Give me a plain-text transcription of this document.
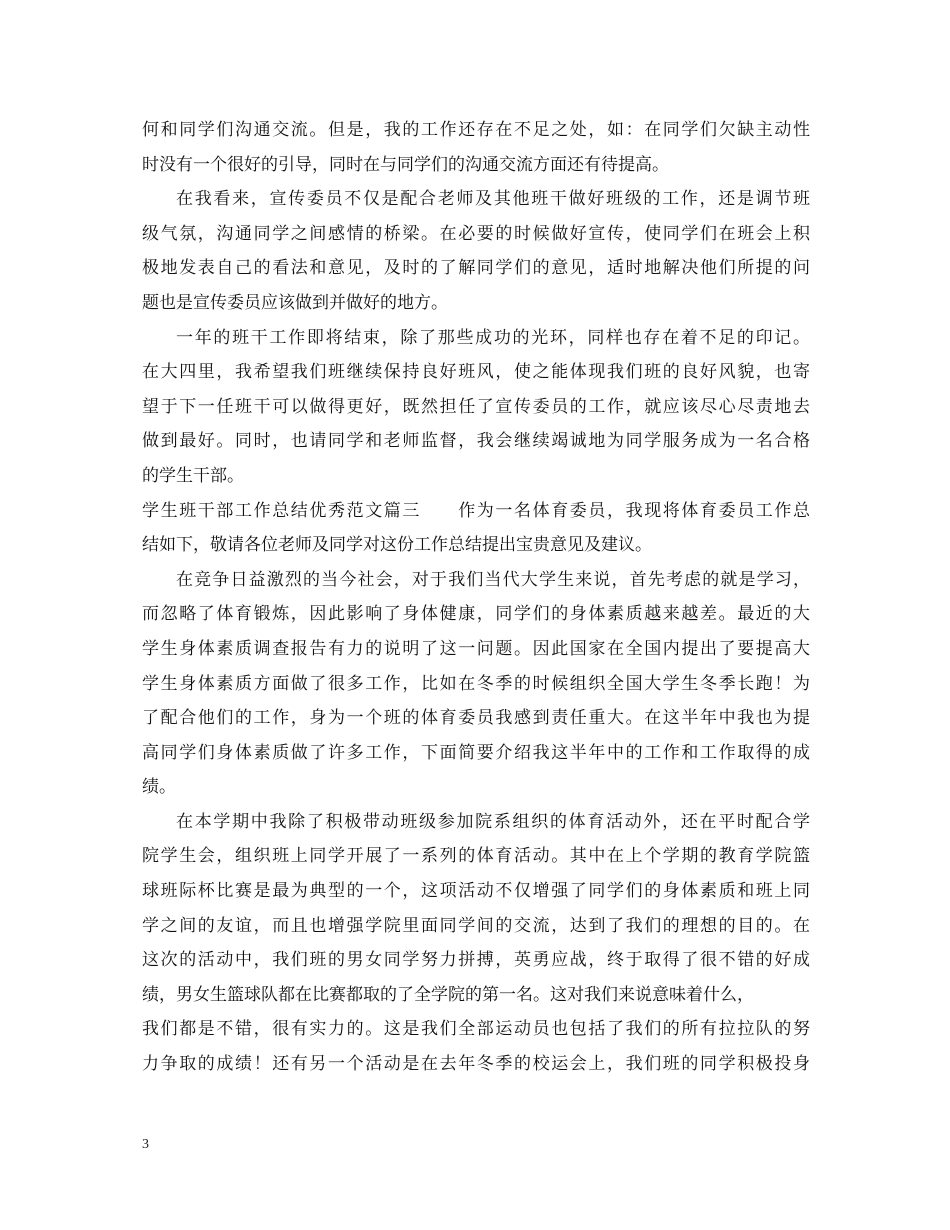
何和同学们沟通交流。但是，我的工作还存在不足之处，如：在同学们欠缺主动性
时没有一个很好的引导，同时在与同学们的沟通交流方面还有待提高。
在我看来，宣传委员不仅是配合老师及其他班干做好班级的工作，还是调节班
级气氛，沟通同学之间感情的桥梁。在必要的时候做好宣传，使同学们在班会上积
极地发表自己的看法和意见，及时的了解同学们的意见，适时地解决他们所提的问
题也是宣传委员应该做到并做好的地方。
一年的班干工作即将结束，除了那些成功的光环，同样也存在着不足的印记。
在大四里，我希望我们班继续保持良好班风，使之能体现我们班的良好风貌，也寄
望于下一任班干可以做得更好，既然担任了宣传委员的工作，就应该尽心尽责地去
做到最好。同时，也请同学和老师监督，我会继续竭诚地为同学服务成为一名合格
的学生干部。
学生班干部工作总结优秀范文篇三　　作为一名体育委员，我现将体育委员工作总
结如下，敬请各位老师及同学对这份工作总结提出宝贵意见及建议。
在竞争日益激烈的当今社会，对于我们当代大学生来说，首先考虑的就是学习，
而忽略了体育锻炼，因此影响了身体健康，同学们的身体素质越来越差。最近的大
学生身体素质调查报告有力的说明了这一问题。因此国家在全国内提出了要提高大
学生身体素质方面做了很多工作，比如在冬季的时候组织全国大学生冬季长跑！为
了配合他们的工作，身为一个班的体育委员我感到责任重大。在这半年中我也为提
高同学们身体素质做了许多工作，下面简要介绍我这半年中的工作和工作取得的成
绩。
在本学期中我除了积极带动班级参加院系组织的体育活动外，还在平时配合学
院学生会，组织班上同学开展了一系列的体育活动。其中在上个学期的教育学院篮
球班际杯比赛是最为典型的一个，这项活动不仅增强了同学们的身体素质和班上同
学之间的友谊，而且也增强学院里面同学间的交流，达到了我们的理想的目的。在
这次的活动中，我们班的男女同学努力拼搏，英勇应战，终于取得了很不错的好成
绩，男女生篮球队都在比赛都取的了全学院的第一名。这对我们来说意味着什么，
我们都是不错，很有实力的。这是我们全部运动员也包括了我们的所有拉拉队的努
力争取的成绩！还有另一个活动是在去年冬季的校运会上，我们班的同学积极投身
3
